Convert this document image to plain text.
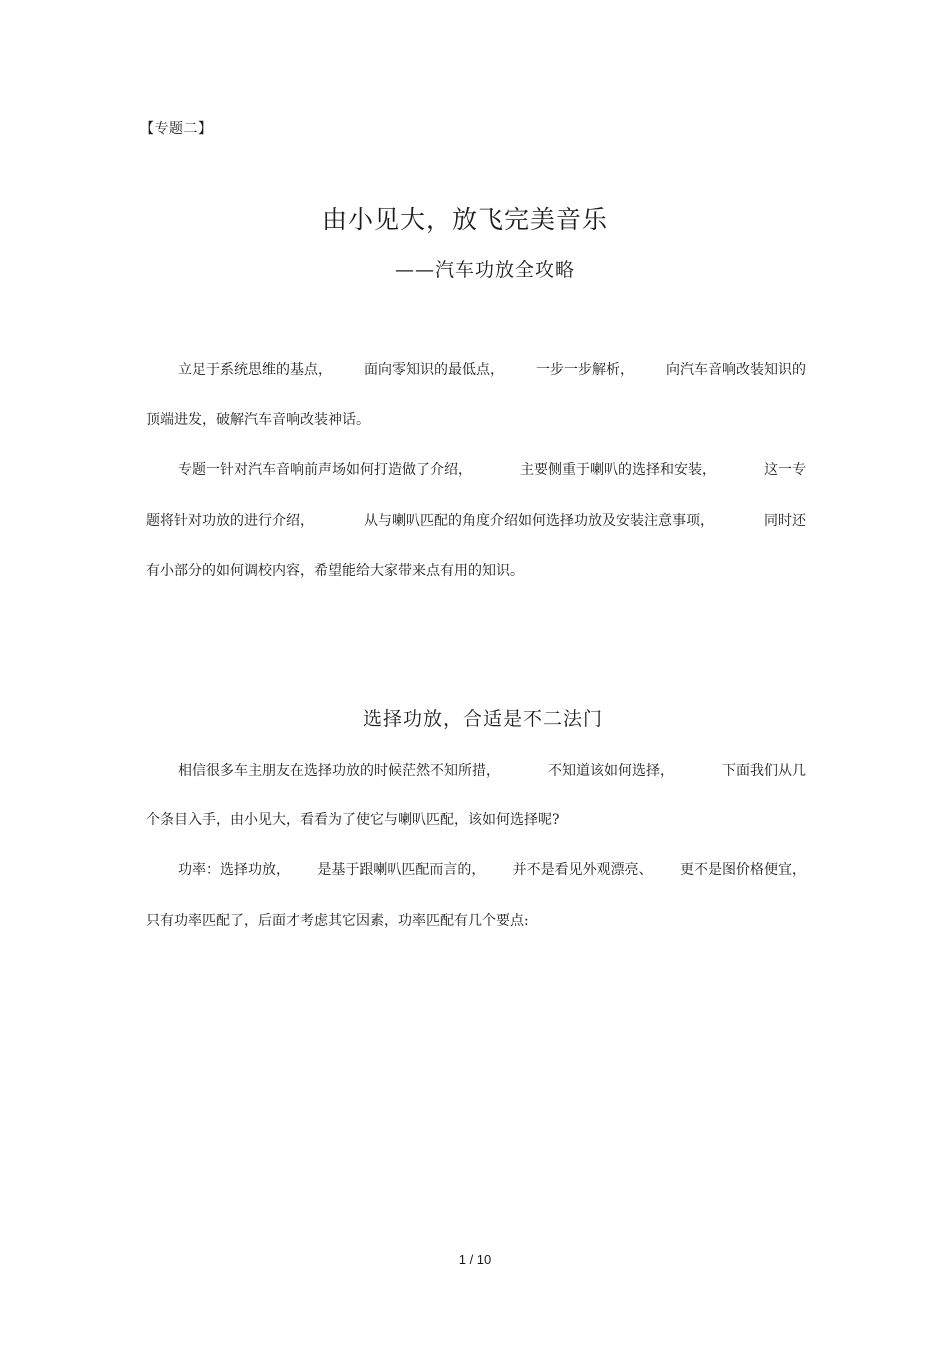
【专题二】
由小见大，放飞完美音乐
——汽车功放全攻略
立足于系统思维的基点， 面向零知识的最低点， 一步一步解析， 向汽车音响改装知识的
顶端进发，破解汽车音响改装神话。
专题一针对汽车音响前声场如何打造做了介绍，	主要侧重于喇叭的选择和安装，	这一专
题将针对功放的进行介绍，	从与喇叭匹配的角度介绍如何选择功放及安装注意事项，	同时还
有小部分的如何调校内容，希望能给大家带来点有用的知识。
选择功放，合适是不二法门
相信很多车主朋友在选择功放的时候茫然不知所措，	不知道该如何选择，	下面我们从几
个条目入手，由小见大，看看为了使它与喇叭匹配，该如何选择呢?
功率：选择功放， 是基于跟喇叭匹配而言的， 并不是看见外观漂亮、 更不是图价格便宜，
只有功率匹配了，后面才考虑其它因素，功率匹配有几个要点:
1 / 10
